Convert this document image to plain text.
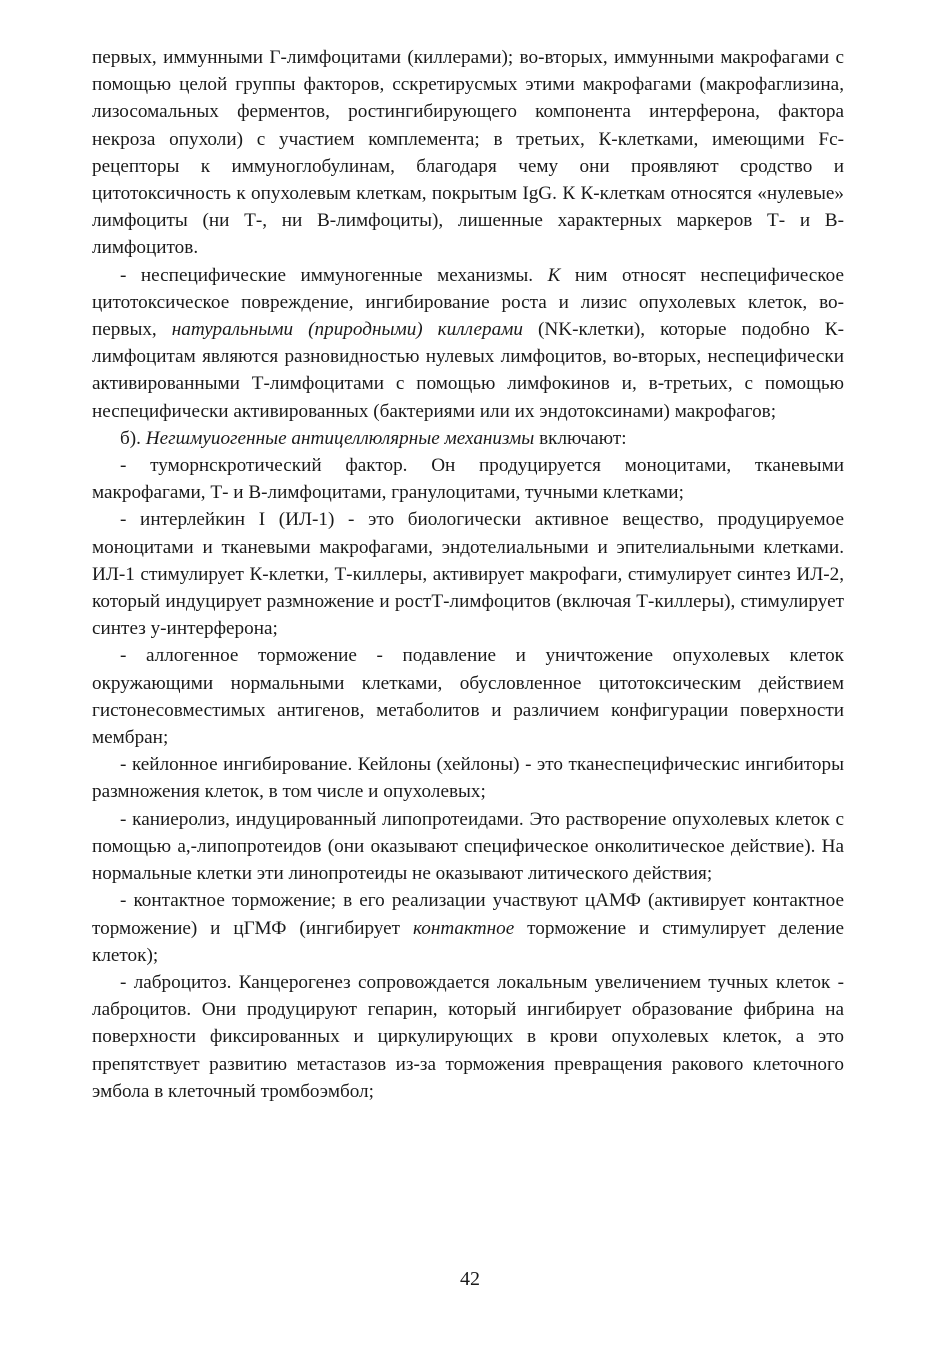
первых, иммунными Г-лимфоцитами (киллерами); во-вторых, иммунными макрофагами с помощью целой группы факторов, сскретирусмых этими макрофагами (макрофаглизина, лизосомальных ферментов, ростингибирующего компонента интерферона, фактора некроза опухоли) с участием комплемента; в третьих, К-клетками, имеющими Fc-рецепторы к иммуноглобулинам, благодаря чему они проявляют сродство и цитотоксичность к опухолевым клеткам, покрытым IgG. К К-клеткам относятся «нулевые» лимфоциты (ни Т-, ни В-лимфоциты), лишенные характерных маркеров Т- и В-лимфоцитов.

- неспецифические иммуногенные механизмы. К ним относят неспецифическое цитотоксическое повреждение, ингибирование роста и лизис опухолевых клеток, во-первых, натуральными (природными) киллерами (NK-клетки), которые подобно К-лимфоцитам являются разновидностью нулевых лимфоцитов, во-вторых, неспецифически активированными Т-лимфоцитами с помощью лимфокинов и, в-третьих, с помощью неспецифически активированных (бактериями или их эндотоксинами) макрофагов;

б). Негшмуиогенные антицеллюлярные механизмы включают:

- туморнскротический фактор. Он продуцируется моноцитами, тканевыми макрофагами, Т- и В-лимфоцитами, гранулоцитами, тучными клетками;

- интерлейкин I (ИЛ-1) - это биологически активное вещество, продуцируемое моноцитами и тканевыми макрофагами, эндотелиальными и эпителиальными клетками. ИЛ-1 стимулирует К-клетки, Т-киллеры, активирует макрофаги, стимулирует синтез ИЛ-2, который индуцирует размножение и ростТ-лимфоцитов (включая Т-киллеры), стимулирует синтез у-интерферона;

- аллогенное торможение - подавление и уничтожение опухолевых клеток окружающими нормальными клетками, обусловленное цитотоксическим действием гистонесовместимых антигенов, метаболитов и различием конфигурации поверхности мембран;

- кейлонное ингибирование. Кейлоны (хейлоны) - это тканеспецифическис ингибиторы размножения клеток, в том числе и опухолевых;

- каниеролиз, индуцированный липопротеидами. Это растворение опухолевых клеток с помощью а,-липопротеидов (они оказывают специфическое онколитическое действие). На нормальные клетки эти линопротеиды не оказывают литического действия;

- контактное торможение; в его реализации участвуют цАМФ (активирует контактное торможение) и цГМФ (ингибирует контактное торможение и стимулирует деление клеток);

- лаброцитоз. Канцерогенез сопровождается локальным увеличением тучных клеток - лаброцитов. Они продуцируют гепарин, который ингибирует образование фибрина на поверхности фиксированных и циркулирующих в крови опухолевых клеток, а это препятствует развитию метастазов из-за торможения превращения ракового клеточного эмбола в клеточный тромбоэмбол;

42
